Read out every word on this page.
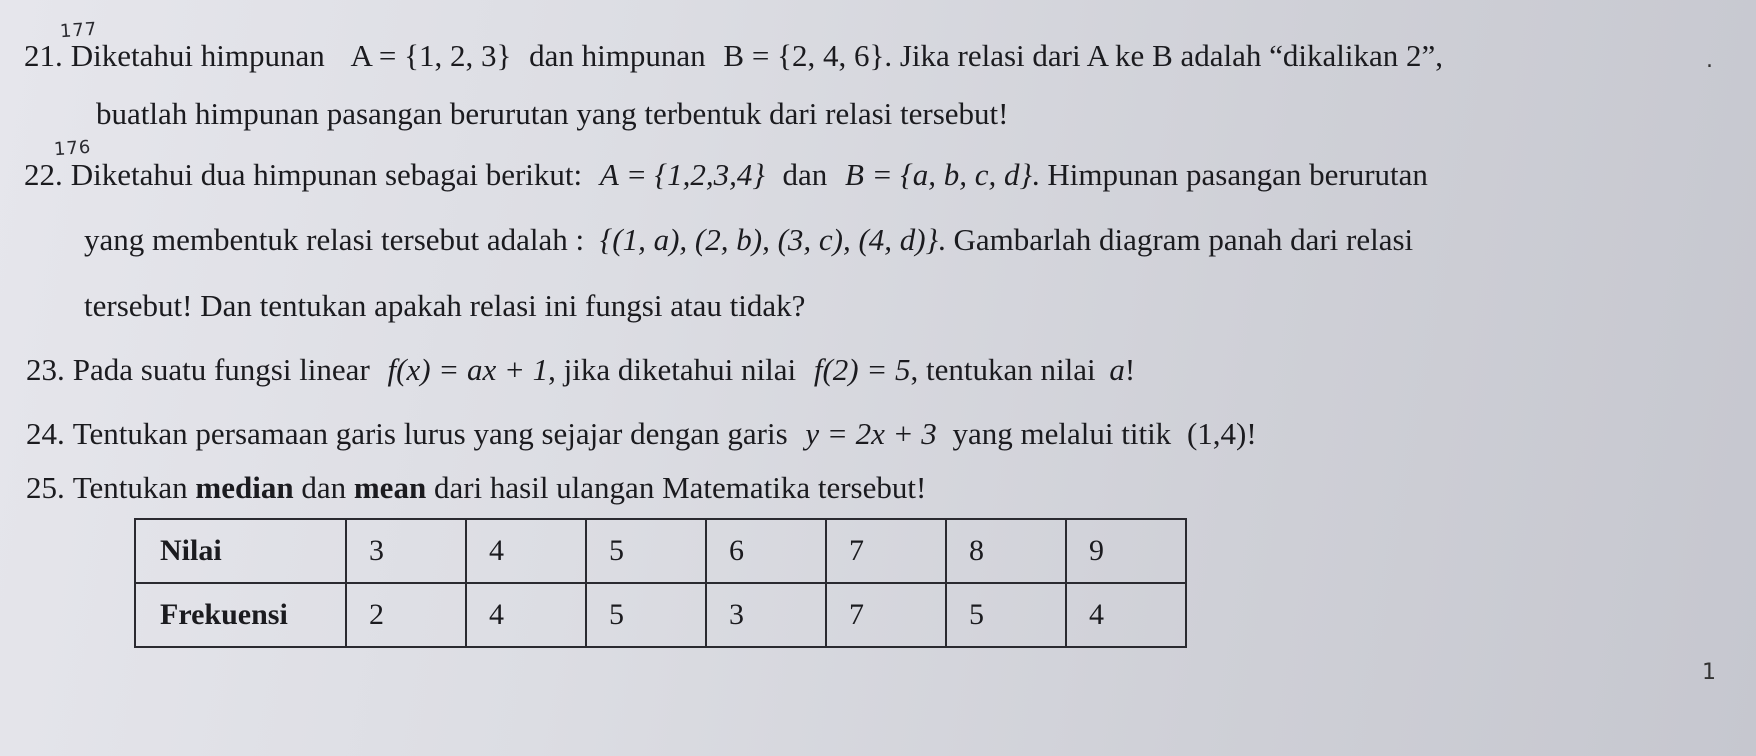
177
176
.
1
21. Diketahui himpunan A = {1, 2, 3} dan himpunan B = {2, 4, 6}. Jika relasi dari A ke B adalah “dikalikan 2”,
buatlah himpunan pasangan berurutan yang terbentuk dari relasi tersebut!
22. Diketahui dua himpunan sebagai berikut: A = {1,2,3,4} dan B = {a, b, c, d}. Himpunan pasangan berurutan
yang membentuk relasi tersebut adalah : {(1, a), (2, b), (3, c), (4, d)}. Gambarlah diagram panah dari relasi
tersebut! Dan tentukan apakah relasi ini fungsi atau tidak?
23. Pada suatu fungsi linear f(x) = ax + 1, jika diketahui nilai f(2) = 5, tentukan nilai a!
24. Tentukan persamaan garis lurus yang sejajar dengan garis y = 2x + 3 yang melalui titik (1,4)!
25. Tentukan median dan mean dari hasil ulangan Matematika tersebut!
Nilai	3	4	5	6	7	8	9
Frekuensi	2	4	5	3	7	5	4
